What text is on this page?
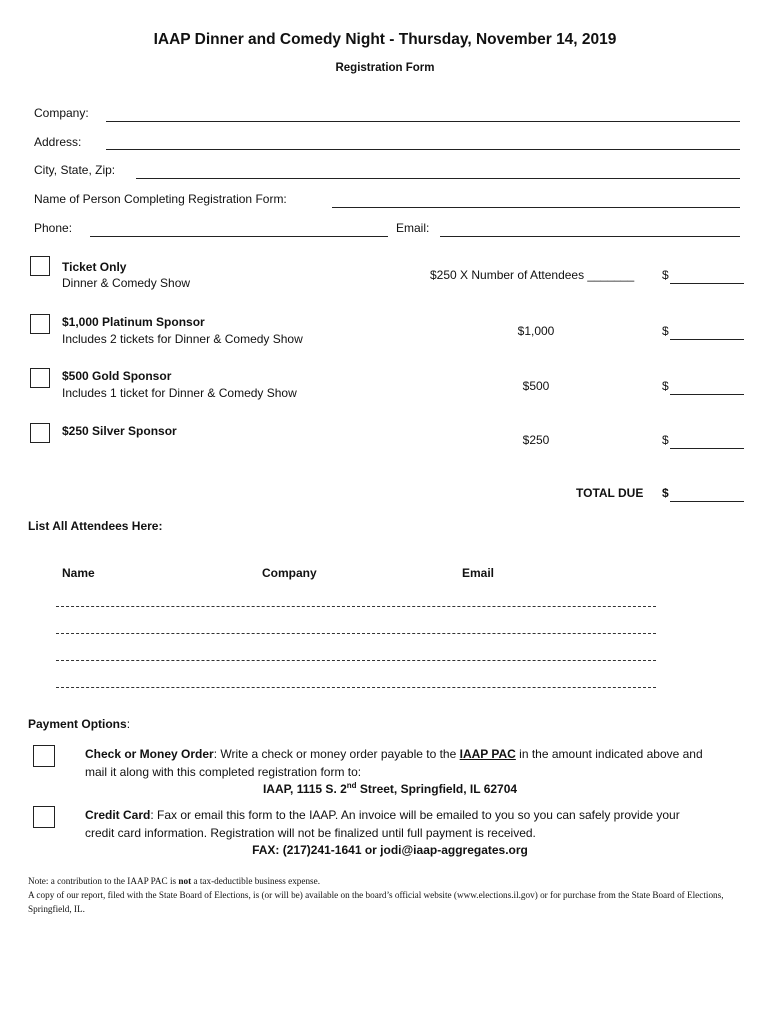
IAAP Dinner and Comedy Night - Thursday, November 14, 2019
Registration Form
Company:
Address:
City, State, Zip:
Name of Person Completing Registration Form:
Phone:	Email:
Ticket Only
Dinner & Comedy Show
$250 X Number of Attendees _______ $
$1,000 Platinum Sponsor
Includes 2 tickets for Dinner & Comedy Show
$1,000	$
$500 Gold Sponsor
Includes 1 ticket for Dinner & Comedy Show	$500	$
$250 Silver Sponsor
$250	$
TOTAL DUE $
List All Attendees Here:
Name	Company	Email
Payment Options:
Check or Money Order: Write a check or money order payable to the IAAP PAC in the amount indicated above and mail it along with this completed registration form to:
IAAP, 1115 S. 2nd Street, Springfield, IL 62704
Credit Card: Fax or email this form to the IAAP. An invoice will be emailed to you so you can safely provide your credit card information. Registration will not be finalized until full payment is received.
FAX: (217)241-1641 or jodi@iaap-aggregates.org
Note: a contribution to the IAAP PAC is not a tax-deductible business expense.
A copy of our report, filed with the State Board of Elections, is (or will be) available on the board’s official website (www.elections.il.gov) or for purchase from the State Board of Elections, Springfield, IL.
